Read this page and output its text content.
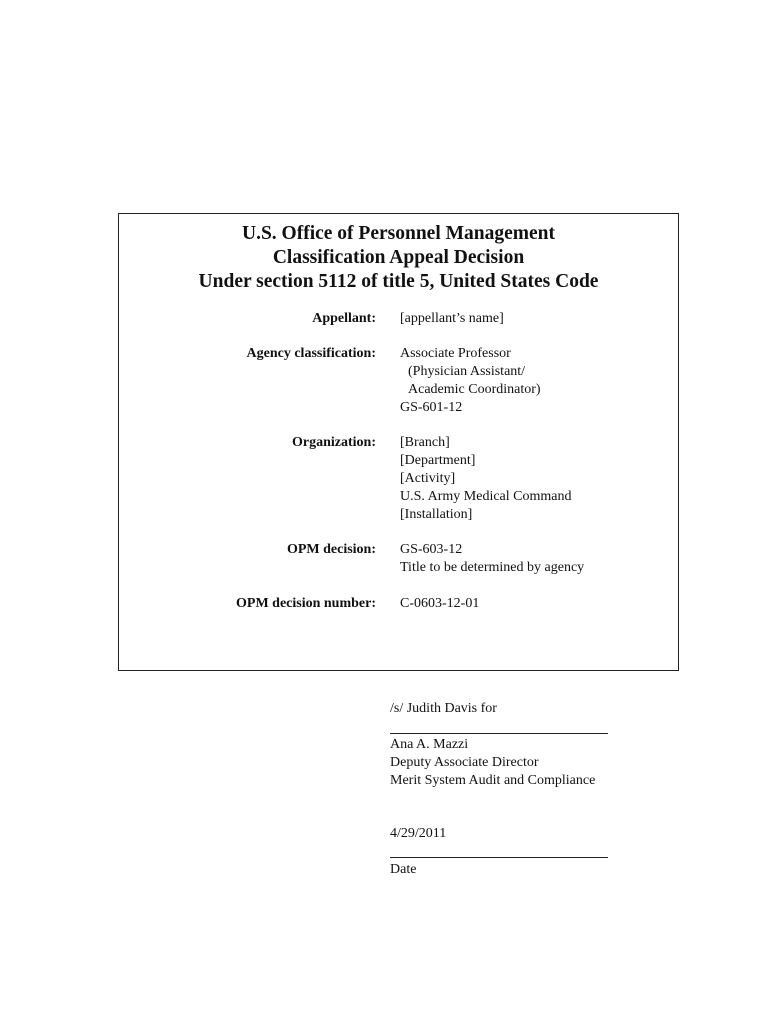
U.S. Office of Personnel Management
Classification Appeal Decision
Under section 5112 of title 5, United States Code
Appellant: [appellant’s name]
Agency classification: Associate Professor
(Physician Assistant/
Academic Coordinator)
GS-601-12
Organization: [Branch]
[Department]
[Activity]
U.S. Army Medical Command
[Installation]
OPM decision: GS-603-12
Title to be determined by agency
OPM decision number: C-0603-12-01
/s/ Judith Davis for
Ana A. Mazzi
Deputy Associate Director
Merit System Audit and Compliance
4/29/2011
Date
